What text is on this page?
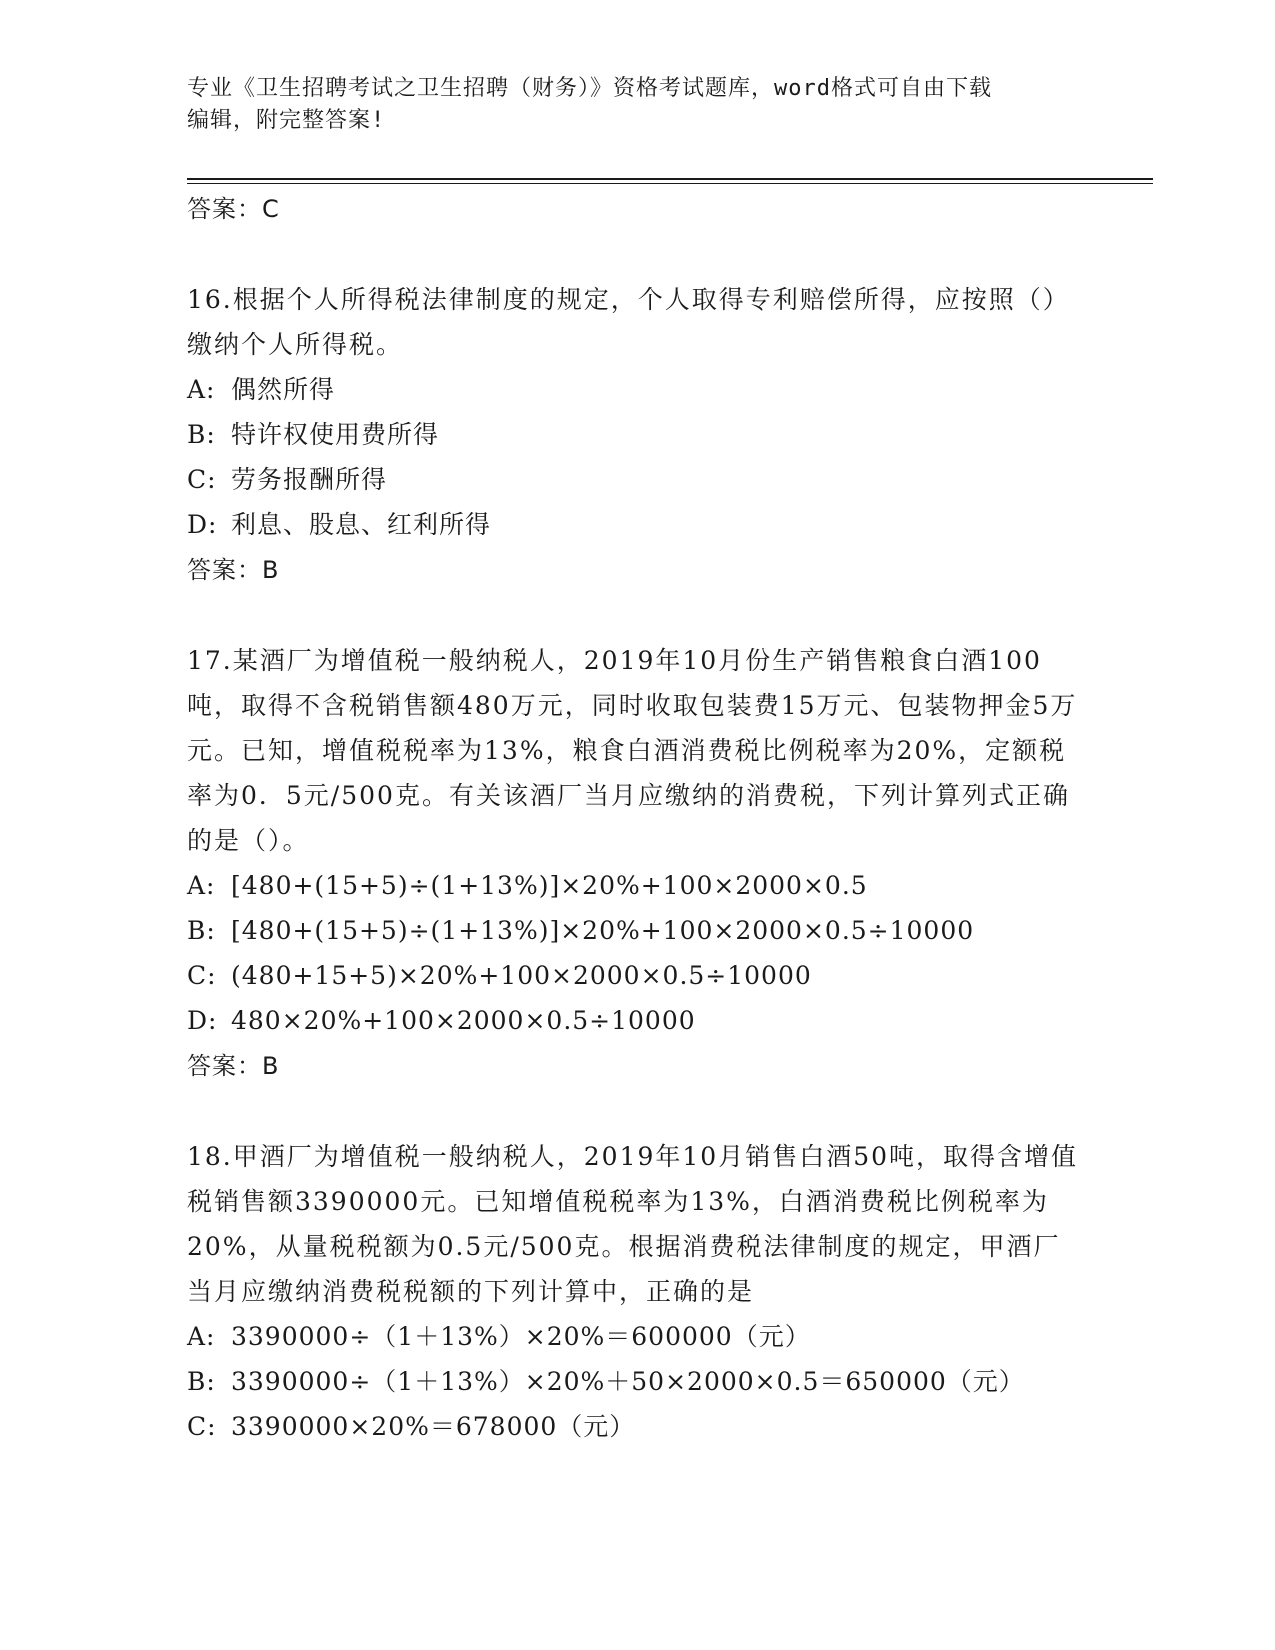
专业《卫生招聘考试之卫生招聘（财务）》资格考试题库，word格式可自由下载
编辑，附完整答案!
答案：C
16.根据个人所得税法律制度的规定，个人取得专利赔偿所得，应按照（）缴纳个人所得税。
A: 偶然所得
B: 特许权使用费所得
C: 劳务报酬所得
D: 利息、股息、红利所得
答案：B
17.某酒厂为增值税一般纳税人，2019年10月份生产销售粮食白酒100吨，取得不含税销售额480万元，同时收取包装费15万元、包装物押金5万元。已知，增值税税率为13%，粮食白酒消费税比例税率为20%，定额税率为0．5元/500克。有关该酒厂当月应缴纳的消费税，下列计算列式正确的是（）。
A: [480+(15+5)÷(1+13%)]×20%+100×2000×0.5
B: [480+(15+5)÷(1+13%)]×20%+100×2000×0.5÷10000
C: (480+15+5)×20%+100×2000×0.5÷10000
D: 480×20%+100×2000×0.5÷10000
答案：B
18.甲酒厂为增值税一般纳税人，2019年10月销售白酒50吨，取得含增值税销售额3390000元。已知增值税税率为13%，白酒消费税比例税率为20%，从量税税额为0.5元/500克。根据消费税法律制度的规定，甲酒厂当月应缴纳消费税税额的下列计算中，正确的是
A: 3390000÷（1＋13%）×20%＝600000（元）
B: 3390000÷（1＋13%）×20%＋50×2000×0.5＝650000（元）
C: 3390000×20%＝678000（元）
